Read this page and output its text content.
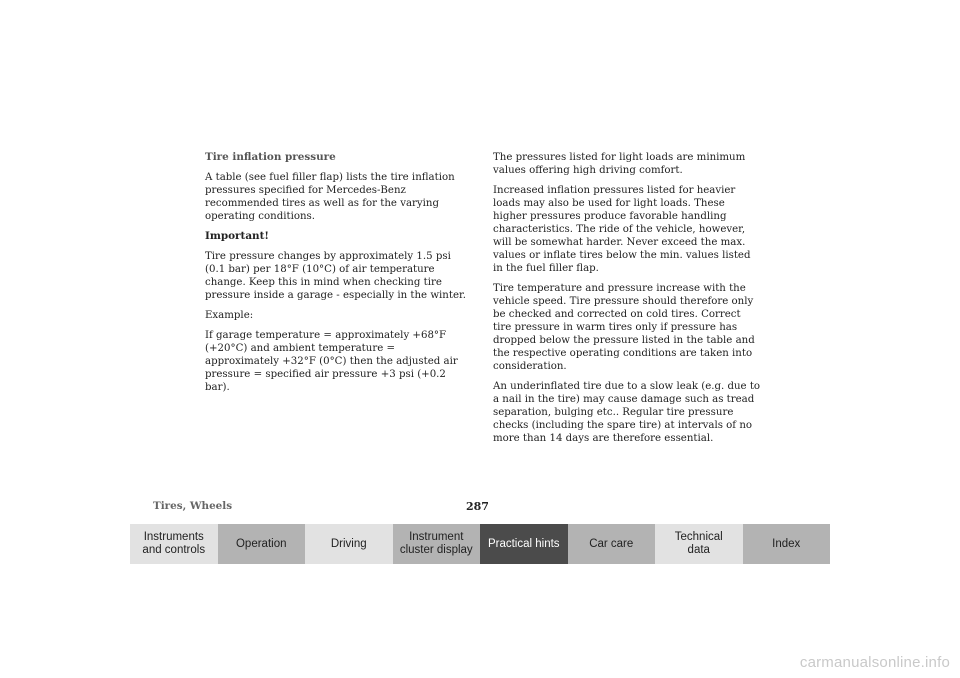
Tire inflation pressure

A table (see fuel filler flap) lists the tire inflation pressures specified for Mercedes-Benz recommended tires as well as for the varying operating conditions.

Important!

Tire pressure changes by approximately 1.5 psi (0.1 bar) per 18°F (10°C) of air temperature change. Keep this in mind when checking tire pressure inside a garage - especially in the winter.

Example:

If garage temperature = approximately +68°F (+20°C) and ambient temperature = approximately +32°F (0°C) then the adjusted air pressure = specified air pressure +3 psi (+0.2 bar).

The pressures listed for light loads are minimum values offering high driving comfort.

Increased inflation pressures listed for heavier loads may also be used for light loads. These higher pressures produce favorable handling characteristics. The ride of the vehicle, however, will be somewhat harder. Never exceed the max. values or inflate tires below the min. values listed in the fuel filler flap.

Tire temperature and pressure increase with the vehicle speed. Tire pressure should therefore only be checked and corrected on cold tires. Correct tire pressure in warm tires only if pressure has dropped below the pressure listed in the table and the respective operating conditions are taken into consideration.

An underinflated tire due to a slow leak (e.g. due to a nail in the tire) may cause damage such as tread separation, bulging etc.. Regular tire pressure checks (including the spare tire) at intervals of no more than 14 days are therefore essential.

Tires, Wheels	287
Instruments
and controls
Operation	Driving
Instrument
cluster display
Practical hints	Car care
Technical
data
Index
carmanualsonline.info
